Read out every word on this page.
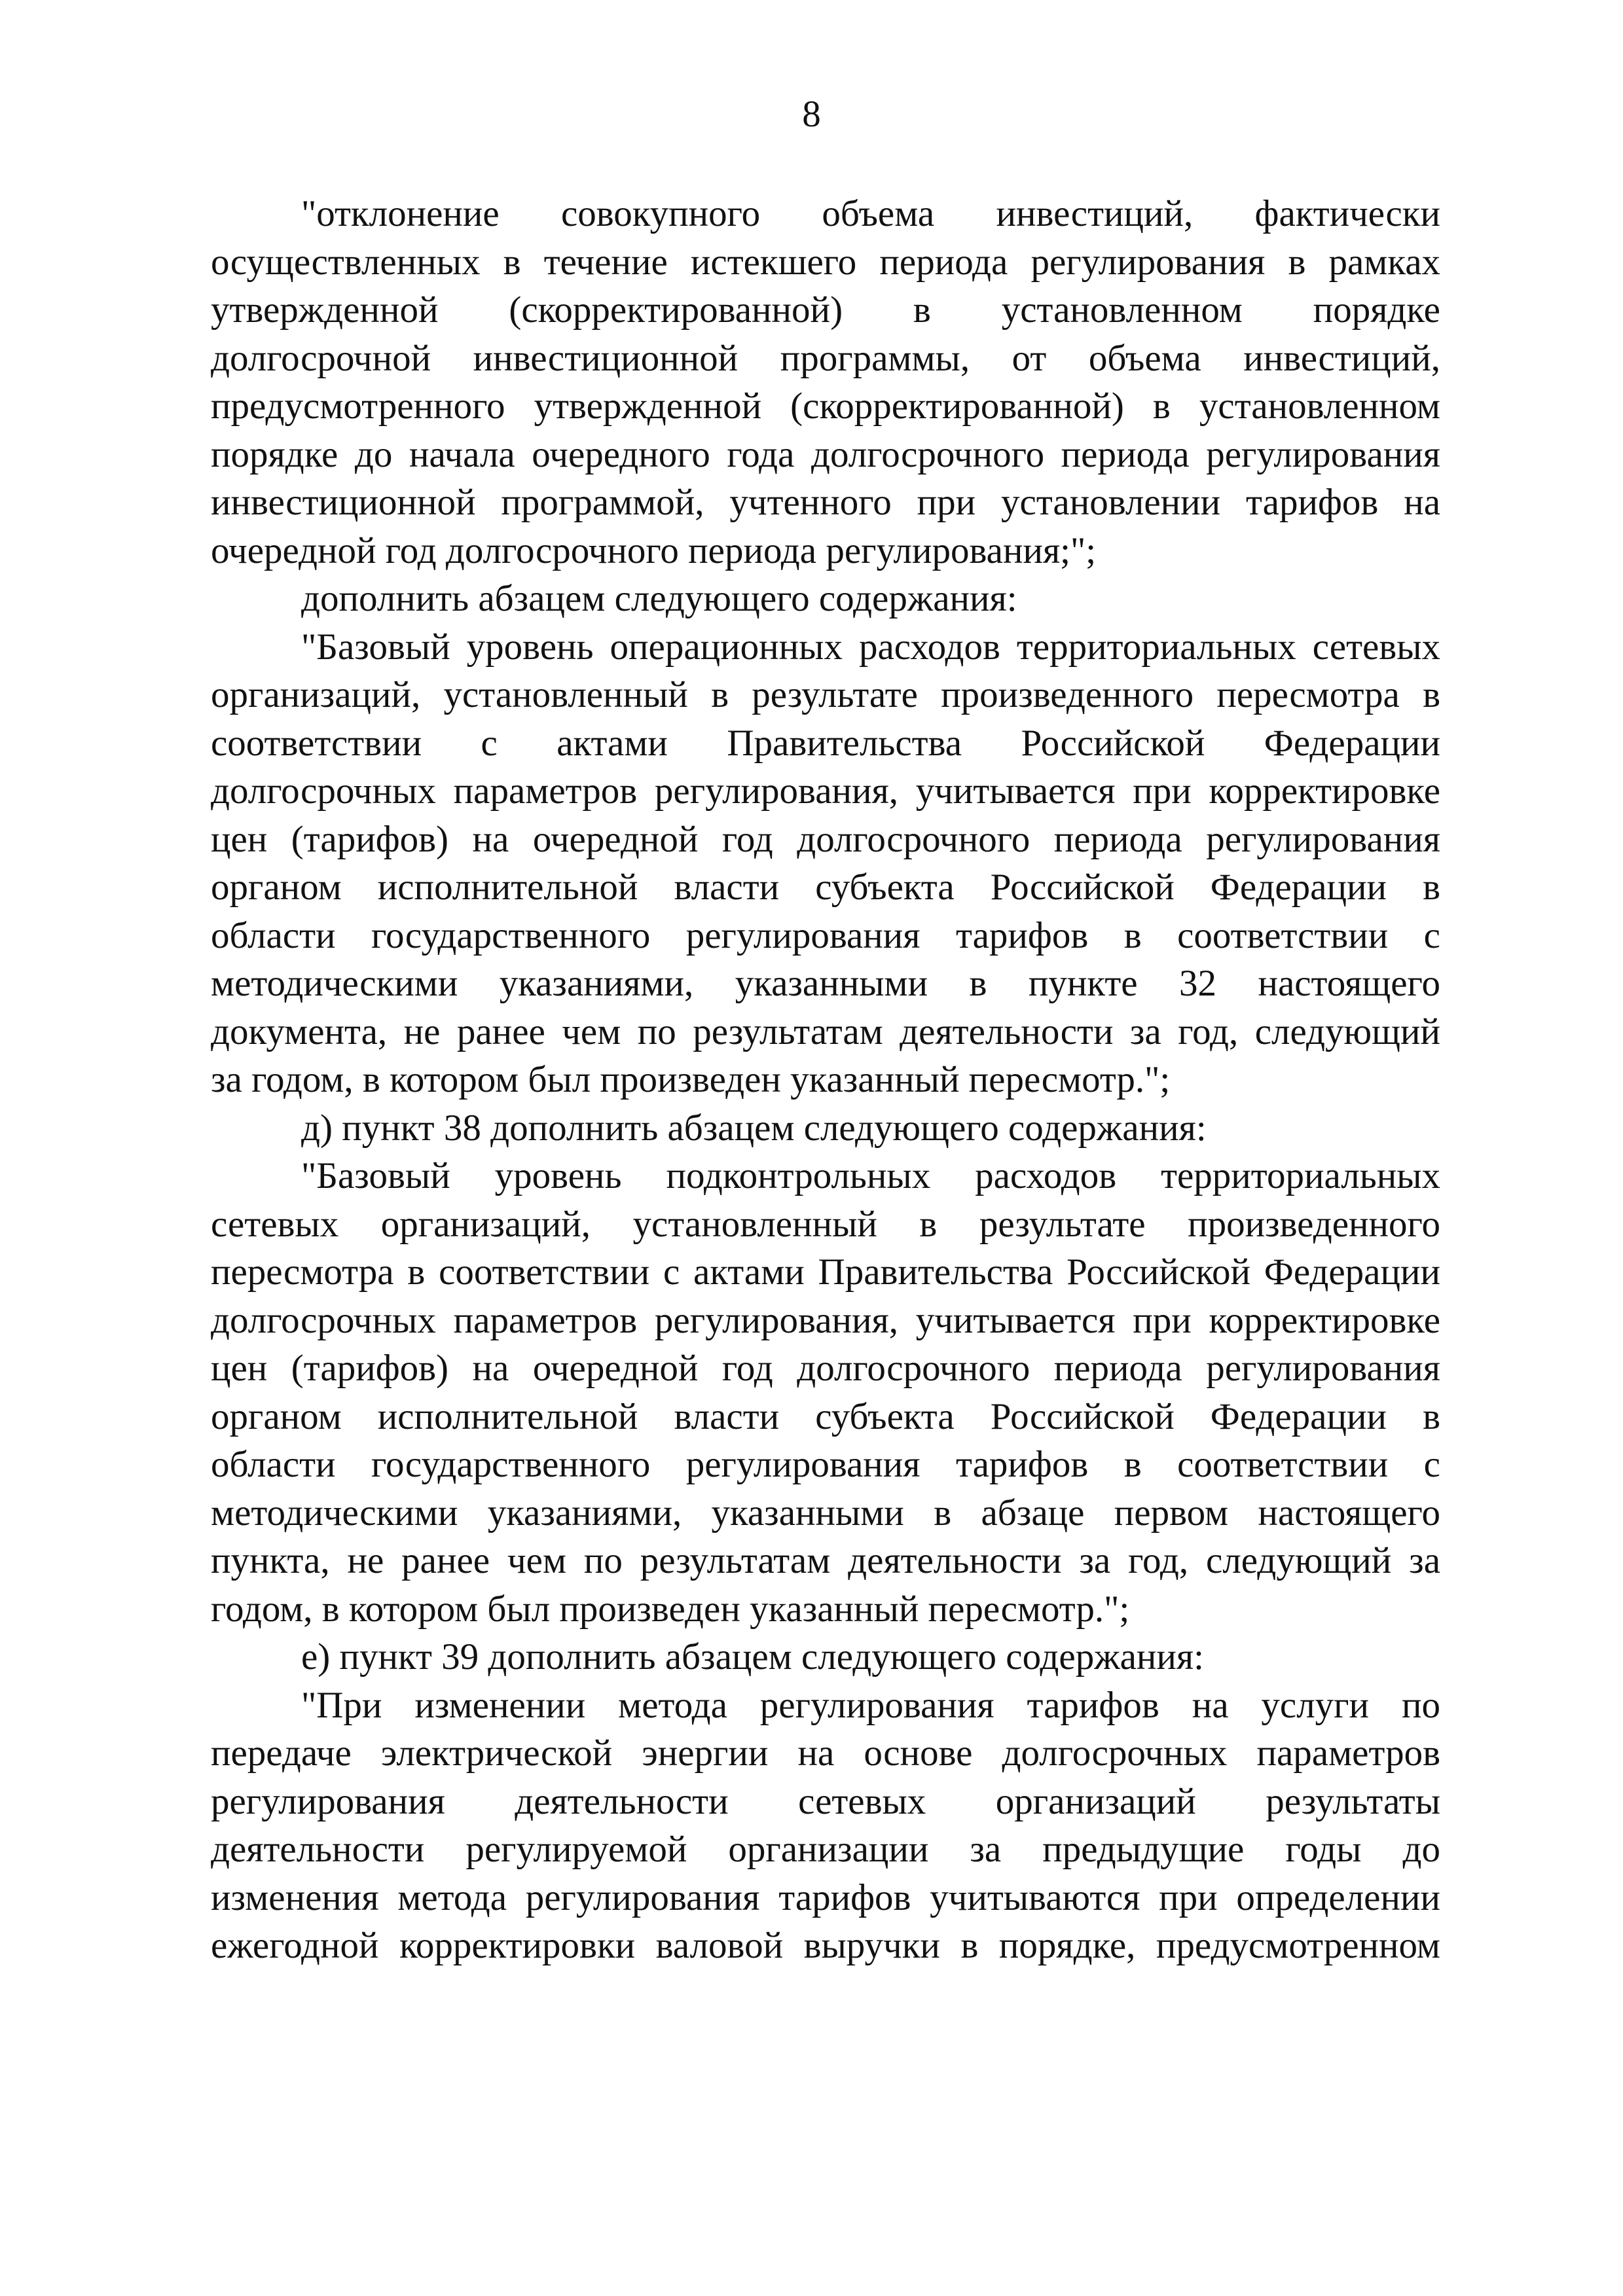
8

"отклонение совокупного объема инвестиций, фактически
осуществленных в течение истекшего периода регулирования в рамках
утвержденной (скорректированной) в установленном порядке
долгосрочной инвестиционной программы, от объема инвестиций,
предусмотренного утвержденной (скорректированной) в установленном
порядке до начала очередного года долгосрочного периода регулирования
инвестиционной программой, учтенного при установлении тарифов на
очередной год долгосрочного периода регулирования;";

дополнить абзацем следующего содержания:

"Базовый уровень операционных расходов территориальных сетевых
организаций, установленный в результате произведенного пересмотра в
соответствии с актами Правительства Российской Федерации
долгосрочных параметров регулирования, учитывается при корректировке
цен (тарифов) на очередной год долгосрочного периода регулирования
органом исполнительной власти субъекта Российской Федерации в
области государственного регулирования тарифов в соответствии с
методическими указаниями, указанными в пункте 32 настоящего
документа, не ранее чем по результатам деятельности за год, следующий
за годом, в котором был произведен указанный пересмотр.";

д) пункт 38 дополнить абзацем следующего содержания:

"Базовый уровень подконтрольных расходов территориальных
сетевых организаций, установленный в результате произведенного
пересмотра в соответствии с актами Правительства Российской Федерации
долгосрочных параметров регулирования, учитывается при корректировке
цен (тарифов) на очередной год долгосрочного периода регулирования
органом исполнительной власти субъекта Российской Федерации в
области государственного регулирования тарифов в соответствии с
методическими указаниями, указанными в абзаце первом настоящего
пункта, не ранее чем по результатам деятельности за год, следующий за
годом, в котором был произведен указанный пересмотр.";

е) пункт 39 дополнить абзацем следующего содержания:

"При изменении метода регулирования тарифов на услуги по
передаче электрической энергии на основе долгосрочных параметров
регулирования деятельности сетевых организаций результаты
деятельности регулируемой организации за предыдущие годы до
изменения метода регулирования тарифов учитываются при определении
ежегодной корректировки валовой выручки в порядке, предусмотренном
